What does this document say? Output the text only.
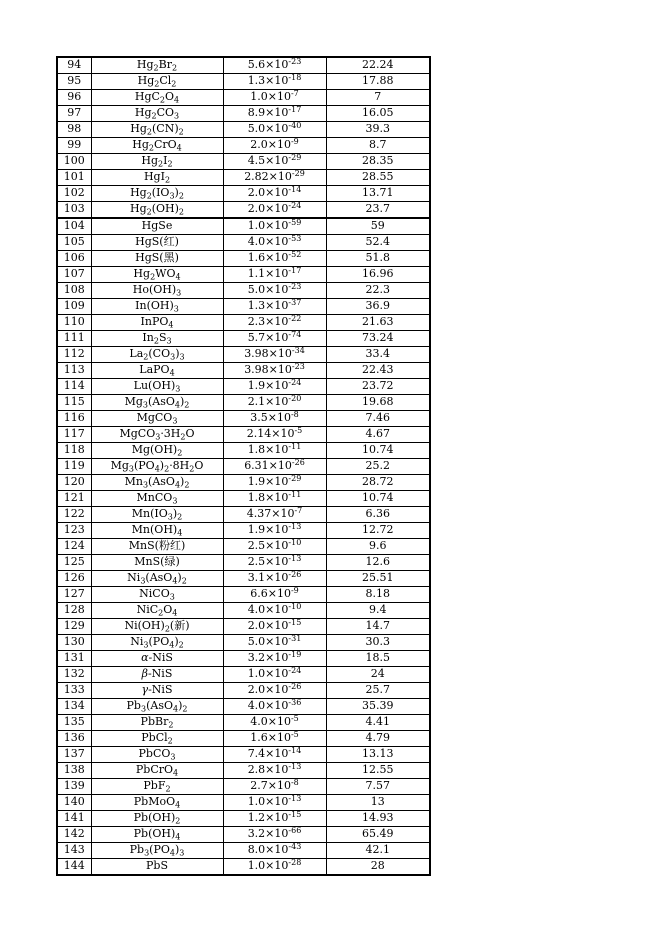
94	$Hg_2Br_2$	$5.6\times 10^{-23}$	22.24
95	$Hg_2Cl_2$	$1.3\times 10^{-18}$	17.88
96	$HgC_2O_4$	$1.0\times 10^{-7}$	7
97	$Hg_2CO_3$	$8.9\times 10^{-17}$	16.05
98	$Hg_2(CN)_2$	$5.0\times 10^{-40}$	39.3
99	$Hg_2CrO_4$	$2.0\times 10^{-9}$	8.7
100	$Hg_2I_2$	$4.5\times 10^{-29}$	28.35
101	HgI$_2$	$2.82\times 10^{-29}$	28.55
102	$Hg_2(IO_3)_2$	$2.0\times 10^{-14}$	13.71
103	$Hg_2(OH)_2$	$2.0\times 10^{-24}$	23.7
104	HgSe	$1.0\times 10^{-59}$	59
105	HgS(红)	$4.0\times 10^{-53}$	52.4
106	HgS(黑)	$1.6\times 10^{-52}$	51.8
107	$Hg_2WO_4$	$1.1\times 10^{-17}$	16.96
108	$Ho(OH)_3$	$5.0\times 10^{-23}$	22.3
109	$In(OH)_3$	$1.3\times 10^{-37}$	36.9
110	InPO$_4$	$2.3\times 10^{-22}$	21.63
111	$In_2S_3$	$5.7\times 10^{-74}$	73.24
112	$La_2(CO_3)_3$	$3.98\times 10^{-34}$	33.4
113	LaPO$_4$	$3.98\times 10^{-23}$	22.43
114	$Lu(OH)_3$	$1.9\times 10^{-24}$	23.72
115	$Mg_3(AsO_4)_2$	$2.1\times 10^{-20}$	19.68
116	MgCO$_3$	$3.5\times 10^{-8}$	7.46
117	$MgCO_3\cdot 3H_2O$	$2.14\times 10^{-5}$	4.67
118	$Mg(OH)_2$	$1.8\times 10^{-11}$	10.74
119	$Mg_3(PO_4)_2\cdot 8H_2O$	$6.31\times 10^{-26}$	25.2
120	$Mn_3(AsO_4)_2$	$1.9\times 10^{-29}$	28.72
121	MnCO$_3$	$1.8\times 10^{-11}$	10.74
122	$Mn(IO_3)_2$	$4.37\times 10^{-7}$	6.36
123	$Mn(OH)_4$	$1.9\times 10^{-13}$	12.72
124	MnS(粉红)	$2.5\times 10^{-10}$	9.6
125	MnS(绿)	$2.5\times 10^{-13}$	12.6
126	$Ni_3(AsO_4)_2$	$3.1\times 10^{-26}$	25.51
127	NiCO$_3$	$6.6\times 10^{-9}$	8.18
128	$NiC_2O_4$	$4.0\times 10^{-10}$	9.4
129	$Ni(OH)_2$(新)	$2.0\times 10^{-15}$	14.7
130	$Ni_3(PO_4)_2$	$5.0\times 10^{-31}$	30.3
131	α-NiS	$3.2\times 10^{-19}$	18.5
132	β-NiS	$1.0\times 10^{-24}$	24
133	γ-NiS	$2.0\times 10^{-26}$	25.7
134	$Pb_3(AsO_4)_2$	$4.0\times 10^{-36}$	35.39
135	PbBr$_2$	$4.0\times 10^{-5}$	4.41
136	PbCl$_2$	$1.6\times 10^{-5}$	4.79
137	PbCO$_3$	$7.4\times 10^{-14}$	13.13
138	PbCrO$_4$	$2.8\times 10^{-13}$	12.55
139	PbF$_2$	$2.7\times 10^{-8}$	7.57
140	PbMoO$_4$	$1.0\times 10^{-13}$	13
141	$Pb(OH)_2$	$1.2\times 10^{-15}$	14.93
142	$Pb(OH)_4$	$3.2\times 10^{-66}$	65.49
143	$Pb_3(PO_4)_3$	$8.0\times 10^{-43}$	42.1
144	PbS	$1.0\times 10^{-28}$	28
